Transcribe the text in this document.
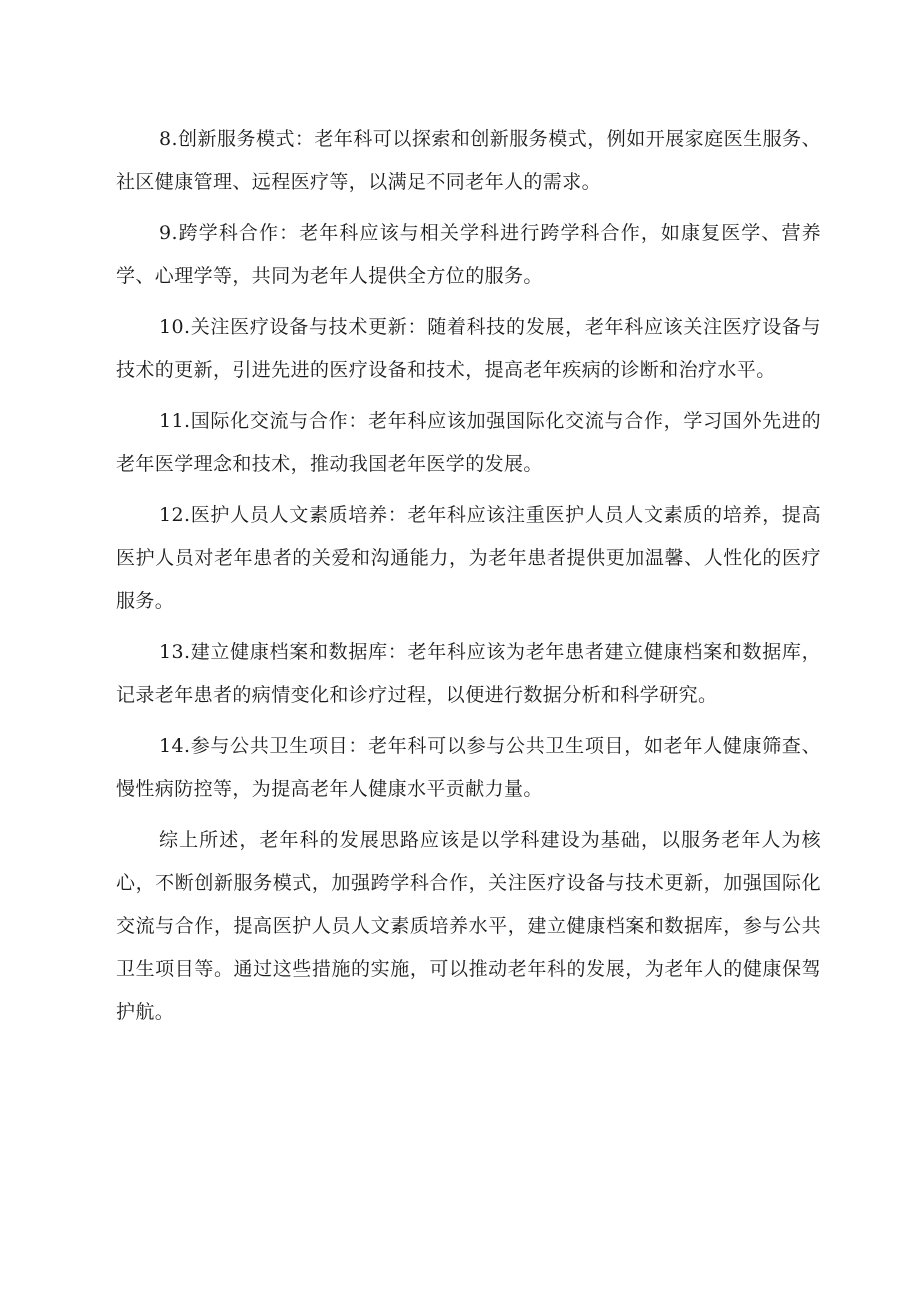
8.创新服务模式：老年科可以探索和创新服务模式，例如开展家庭医生服务、社区健康管理、远程医疗等，以满足不同老年人的需求。

9.跨学科合作：老年科应该与相关学科进行跨学科合作，如康复医学、营养学、心理学等，共同为老年人提供全方位的服务。

10.关注医疗设备与技术更新：随着科技的发展，老年科应该关注医疗设备与技术的更新，引进先进的医疗设备和技术，提高老年疾病的诊断和治疗水平。

11.国际化交流与合作：老年科应该加强国际化交流与合作，学习国外先进的老年医学理念和技术，推动我国老年医学的发展。

12.医护人员人文素质培养：老年科应该注重医护人员人文素质的培养，提高医护人员对老年患者的关爱和沟通能力，为老年患者提供更加温馨、人性化的医疗服务。

13.建立健康档案和数据库：老年科应该为老年患者建立健康档案和数据库，记录老年患者的病情变化和诊疗过程，以便进行数据分析和科学研究。

14.参与公共卫生项目：老年科可以参与公共卫生项目，如老年人健康筛查、慢性病防控等，为提高老年人健康水平贡献力量。

综上所述，老年科的发展思路应该是以学科建设为基础，以服务老年人为核心，不断创新服务模式，加强跨学科合作，关注医疗设备与技术更新，加强国际化交流与合作，提高医护人员人文素质培养水平，建立健康档案和数据库，参与公共卫生项目等。通过这些措施的实施，可以推动老年科的发展，为老年人的健康保驾护航。
